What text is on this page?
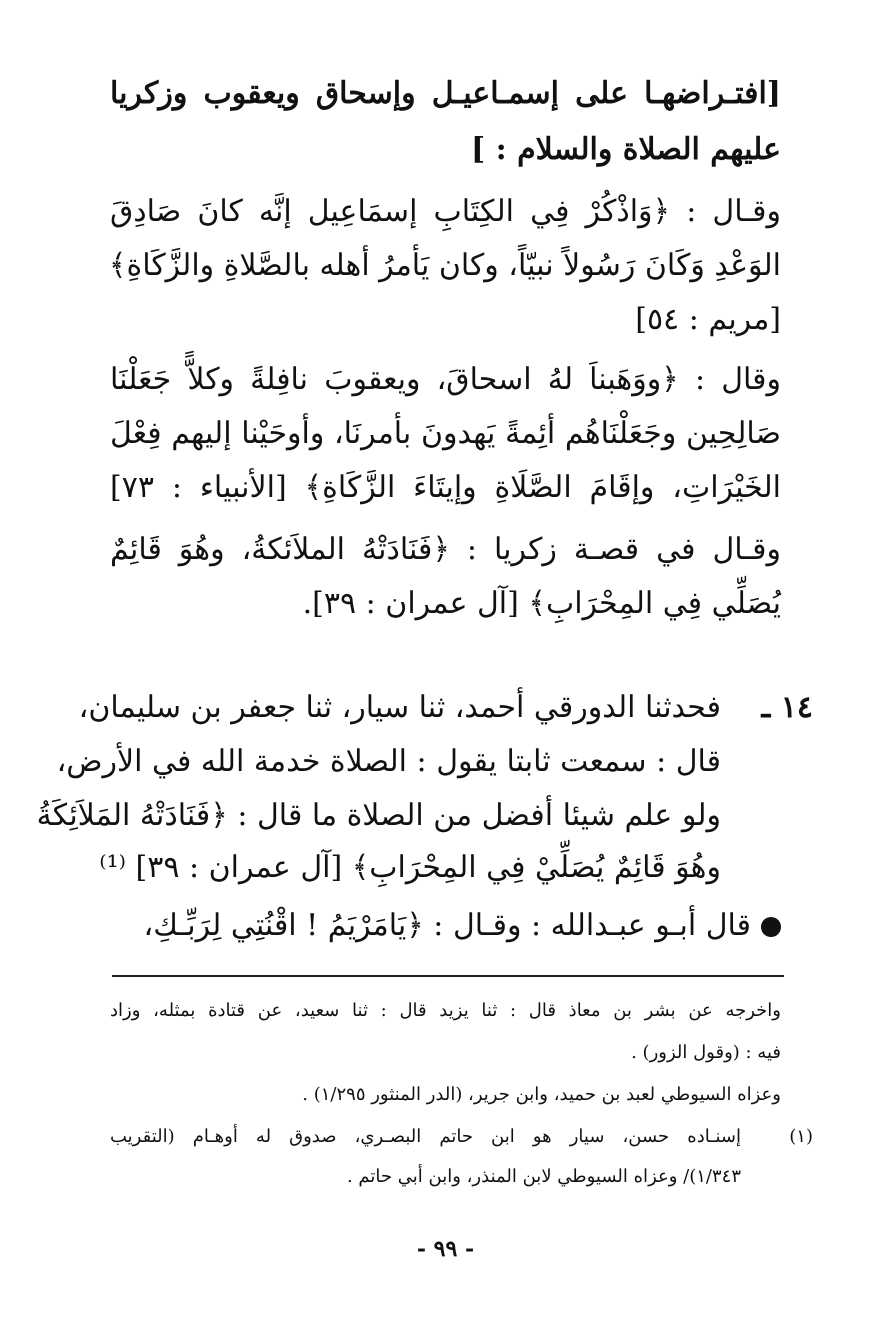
[افتـراضهـا على إسمـاعيـل وإسحاق ويعقوب وزكريا
عليهم الصلاة والسلام : ]
وقـال : ﴿وَاذْكُرْ فِي الكِتَابِ إسمَاعِيل إنَّه كانَ صَادِقَ
الوَعْدِ وَكَانَ رَسُولاً نبيّاً، وكان يَأمرُ أهله بالصَّلاةِ والزَّكَاةِ﴾
[مريم : ٥٤]
وقال : ﴿ووَهَبناَ لهُ اسحاقَ، ويعقوبَ نافِلةً وكلاًّ جَعَلْنَا
صَالِحِين وجَعَلْنَاهُم أئِمةً يَهدونَ بأمرنَا، وأوحَيْنا إليهم فِعْلَ
الخَيْرَاتِ، وإقَامَ الصَّلَاةِ وإيتَاءَ الزَّكَاةِ﴾ [الأنبياء : ٧٣]
وقـال في قصـة زكريا : ﴿فَنَادَتْهُ الملاَئكةُ، وهُوَ قَائِمٌ
يُصَلِّي فِي المِحْرَابِ﴾ [آل عمران : ٣٩].
١٤ ـ
فحدثنا الدورقي أحمد، ثنا سيار، ثنا جعفر بن سليمان،
قال : سمعت ثابتا يقول : الصلاة خدمة الله في الأرض،
ولو علم شيئا أفضل من الصلاة ما قال : ﴿فَنَادَتْهُ المَلاَئِكَةُ
وهُوَ قَائِمٌ يُصَلِّيْ فِي المِحْرَابِ﴾ [آل عمران : ٣٩] ⁽¹⁾
قال أبـو عبـدالله : وقـال : ﴿يَامَرْيَمُ ! اقْنُتِي لِرَبِّـكِ،
واخرجه عن بشر بن معاذ قال : ثنا يزيد قال : ثنا سعيد، عن قتادة بمثله، وزاد
فيه : (وقول الزور) .
وعزاه السيوطي لعبد بن حميد، وابن جرير، (الدر المنثور ١/٢٩٥) .
(١)
إسنـاده حسن، سيار هو ابن حاتم البصـري، صدوق له أوهـام (التقريب
١/٣٤٣)/ وعزاه السيوطي لابن المنذر، وابن أبي حاتم .
- ٩٩ -
